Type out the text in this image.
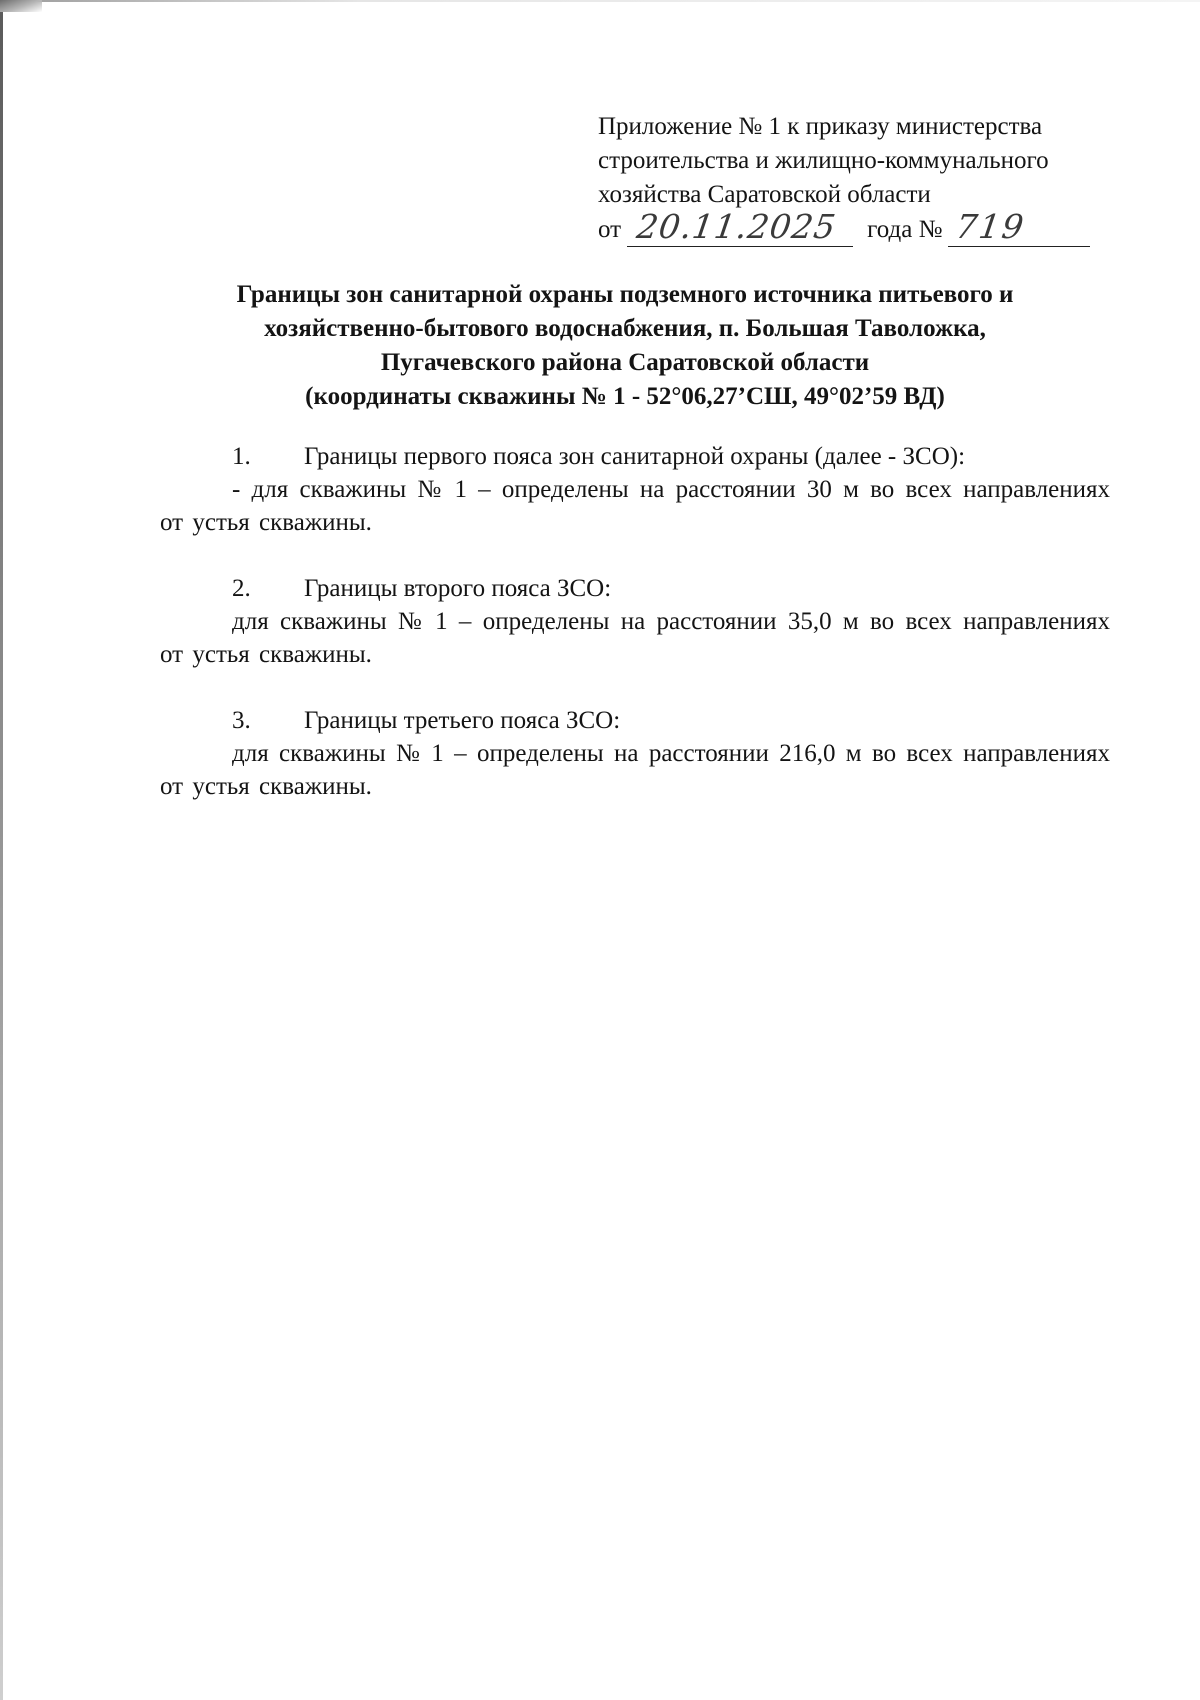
Приложение № 1 к приказу министерства
строительства и жилищно-коммунального
хозяйства Саратовской области
от 20.11.2025 года № 719
Границы зон санитарной охраны подземного источника питьевого и
хозяйственно-бытового водоснабжения, п. Большая Таволожка,
Пугачевского района Саратовской области
(координаты скважины № 1 - 52°06,27’СШ, 49°02’59 ВД)
1.	Границы первого пояса зон санитарной охраны (далее - ЗСО):
- для скважины № 1 – определены на расстоянии 30 м во всех направлениях от устья скважины.
2.	Границы второго пояса ЗСО:
для скважины № 1 – определены на расстоянии 35,0 м во всех направлениях от устья скважины.
3.	Границы третьего пояса ЗСО:
для скважины № 1 – определены на расстоянии 216,0 м во всех направлениях от устья скважины.
